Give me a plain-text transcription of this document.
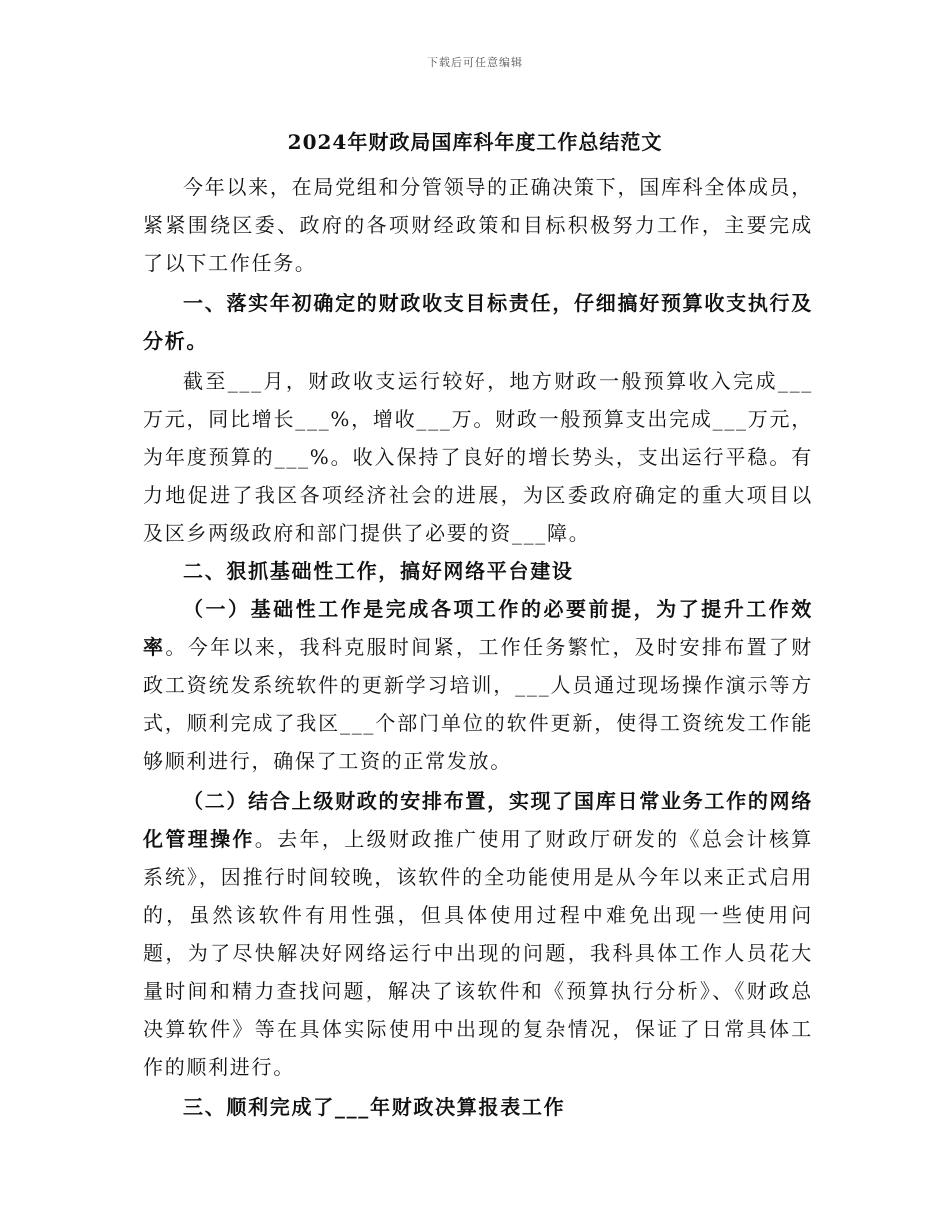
下载后可任意编辑
2024年财政局国库科年度工作总结范文

今年以来，在局党组和分管领导的正确决策下，国库科全体成员，紧紧围绕区委、政府的各项财经政策和目标积极努力工作，主要完成了以下工作任务。

一、落实年初确定的财政收支目标责任，仔细搞好预算收支执行及分析。

截至___月，财政收支运行较好，地方财政一般预算收入完成___万元，同比增长___%，增收___万。财政一般预算支出完成___万元，为年度预算的___%。收入保持了良好的增长势头，支出运行平稳。有力地促进了我区各项经济社会的进展，为区委政府确定的重大项目以及区乡两级政府和部门提供了必要的资___障。

二、狠抓基础性工作，搞好网络平台建设

（一）基础性工作是完成各项工作的必要前提，为了提升工作效率。今年以来，我科克服时间紧，工作任务繁忙，及时安排布置了财政工资统发系统软件的更新学习培训，___人员通过现场操作演示等方式，顺利完成了我区___个部门单位的软件更新，使得工资统发工作能够顺利进行，确保了工资的正常发放。

（二）结合上级财政的安排布置，实现了国库日常业务工作的网络化管理操作。去年，上级财政推广使用了财政厅研发的《总会计核算系统》，因推行时间较晚，该软件的全功能使用是从今年以来正式启用的，虽然该软件有用性强，但具体使用过程中难免出现一些使用问题，为了尽快解决好网络运行中出现的问题，我科具体工作人员花大量时间和精力查找问题，解决了该软件和《预算执行分析》、《财政总决算软件》等在具体实际使用中出现的复杂情况，保证了日常具体工作的顺利进行。

三、顺利完成了___年财政决算报表工作
